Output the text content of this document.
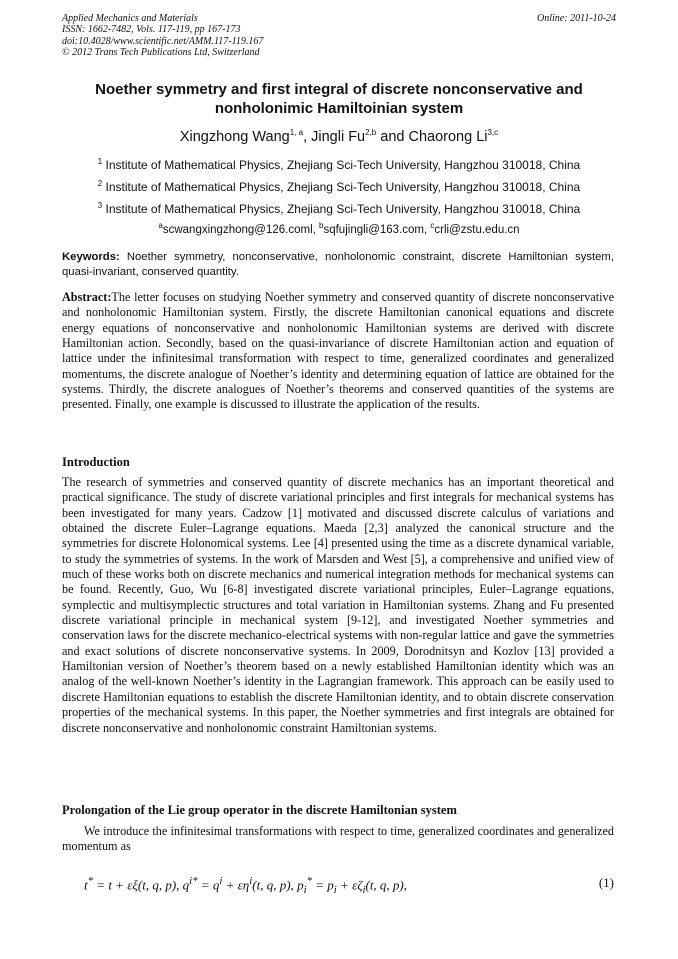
Applied Mechanics and Materials
ISSN: 1662-7482, Vols. 117-119, pp 167-173
doi:10.4028/www.scientific.net/AMM.117-119.167
© 2012 Trans Tech Publications Ltd, Switzerland
Online: 2011-10-24
Noether symmetry and first integral of discrete nonconservative and
nonholonimic Hamiltoinian system
Xingzhong Wang$^{1, a}$, Jingli Fu$^{2,b}$ and Chaorong Li$^{3,c}$
$^1$ Institute of Mathematical Physics, Zhejiang Sci-Tech University, Hangzhou 310018, China
$^2$ Institute of Mathematical Physics, Zhejiang Sci-Tech University, Hangzhou 310018, China
$^3$ Institute of Mathematical Physics, Zhejiang Sci-Tech University, Hangzhou 310018, China
$^a$scwangxingzhong@126.coml, $^b$sqfujingli@163.com, $^c$crli@zstu.edu.cn
Keywords: Noether symmetry, nonconservative, nonholonomic constraint, discrete Hamiltonian system, quasi-invariant, conserved quantity.
Abstract:The letter focuses on studying Noether symmetry and conserved quantity of discrete nonconservative and nonholonomic Hamiltonian system. Firstly, the discrete Hamiltonian canonical equations and discrete energy equations of nonconservative and nonholonomic Hamiltonian systems are derived with discrete Hamiltonian action. Secondly, based on the quasi-invariance of discrete Hamiltonian action and equation of lattice under the infinitesimal transformation with respect to time, generalized coordinates and generalized momentums, the discrete analogue of Noether’s identity and determining equation of lattice are obtained for the systems. Thirdly, the discrete analogues of Noether’s theorems and conserved quantities of the systems are presented. Finally, one example is discussed to illustrate the application of the results.
Introduction
The research of symmetries and conserved quantity of discrete mechanics has an important theoretical and practical significance. The study of discrete variational principles and first integrals for mechanical systems has been investigated for many years. Cadzow [1] motivated and discussed discrete calculus of variations and obtained the discrete Euler–Lagrange equations. Maeda [2,3] analyzed the canonical structure and the symmetries for discrete Holonomical systems. Lee [4] presented using the time as a discrete dynamical variable, to study the symmetries of systems. In the work of Marsden and West [5], a comprehensive and unified view of much of these works both on discrete mechanics and numerical integration methods for mechanical systems can be found. Recently, Guo, Wu [6-8] investigated discrete variational principles, Euler–Lagrange equations, symplectic and multisymplectic structures and total variation in Hamiltonian systems. Zhang and Fu presented discrete variational principle in mechanical system [9-12], and investigated Noether symmetries and conservation laws for the discrete mechanico-electrical systems with non-regular lattice and gave the symmetries and exact solutions of discrete nonconservative systems. In 2009, Dorodnitsyn and Kozlov [13] provided a Hamiltonian version of Noether’s theorem based on a newly established Hamiltonian identity which was an analog of the well-known Noether’s identity in the Lagrangian framework. This approach can be easily used to discrete Hamiltonian equations to establish the discrete Hamiltonian identity, and to obtain discrete conservation properties of the mechanical systems. In this paper, the Noether symmetries and first integrals are obtained for discrete nonconservative and nonholonomic constraint Hamiltonian systems.
Prolongation of the Lie group operator in the discrete Hamiltonian system
We introduce the infinitesimal transformations with respect to time, generalized coordinates and generalized momentum as
t* = t + εξ(t, q, p), $q^{i*} = q^i + \varepsilon\eta^i(t$, q, p), $p_i^* = p_i + \varepsilon\zeta_i(t$, q, p),	(1)
